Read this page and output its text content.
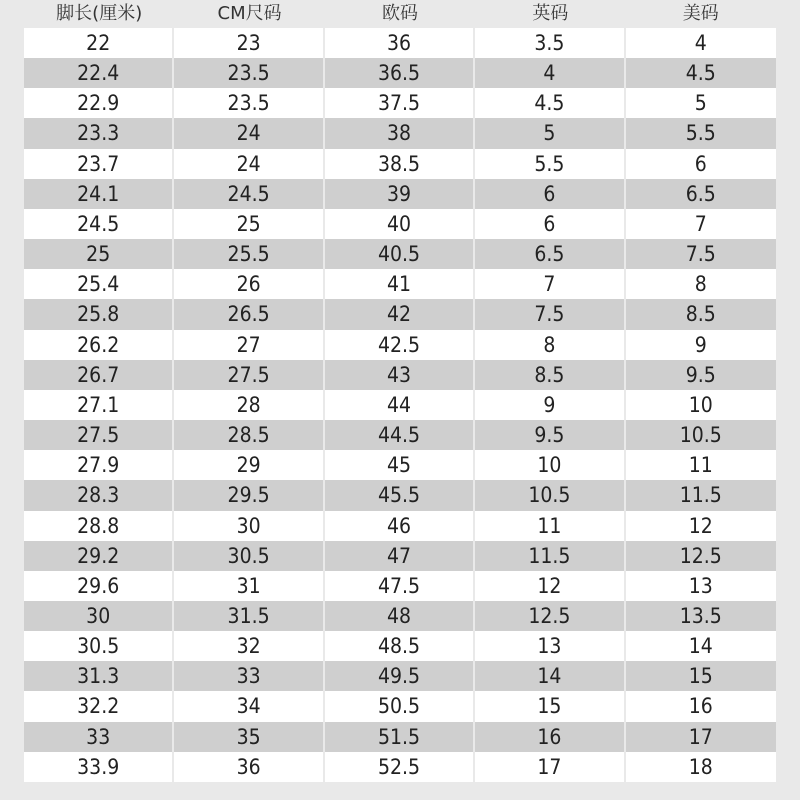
脚长(厘米)	CM尺码	欧码	英码	美码
22	23	36	3.5	4
22.4	23.5	36.5	4	4.5
22.9	23.5	37.5	4.5	5
23.3	24	38	5	5.5
23.7	24	38.5	5.5	6
24.1	24.5	39	6	6.5
24.5	25	40	6	7
25	25.5	40.5	6.5	7.5
25.4	26	41	7	8
25.8	26.5	42	7.5	8.5
26.2	27	42.5	8	9
26.7	27.5	43	8.5	9.5
27.1	28	44	9	10
27.5	28.5	44.5	9.5	10.5
27.9	29	45	10	11
28.3	29.5	45.5	10.5	11.5
28.8	30	46	11	12
29.2	30.5	47	11.5	12.5
29.6	31	47.5	12	13
30	31.5	48	12.5	13.5
30.5	32	48.5	13	14
31.3	33	49.5	14	15
32.2	34	50.5	15	16
33	35	51.5	16	17
33.9	36	52.5	17	18
